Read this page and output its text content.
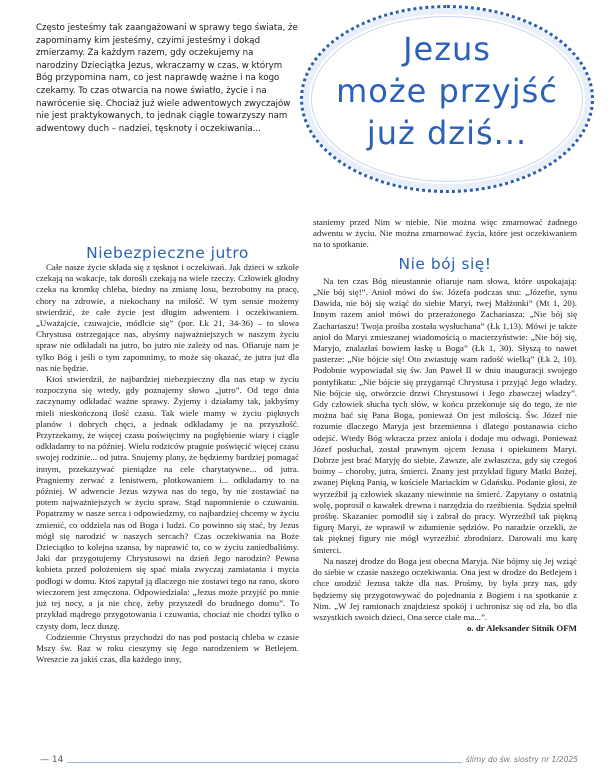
Często jesteśmy tak zaangażowani w sprawy tego świata, że zapominamy kim jesteśmy, czyimi jesteśmy i dokąd zmierzamy. Za każdym razem, gdy oczekujemy na narodziny Dzieciątka Jezus, wkraczamy w czas, w którym Bóg przypomina nam, co jest naprawdę ważne i na kogo czekamy. To czas otwarcia na nowe światło, życie i na nawrócenie się. Chociaż już wiele adwentowych zwyczajów nie jest praktykowanych, to jednak ciągle towarzyszy nam adwentowy duch – nadziei, tęsknoty i oczekiwania...

Jezus
może przyjść
już dziś...
Niebezpieczne jutro

Całe nasze życie składa się z tęsknot i oczekiwań. Jak dzieci w szkole czekają na wakacje, tak dorośli czekają na wiele rzeczy. Człowiek głodny czeka na kromkę chleba, biedny na zmianę losu, bezrobotny na pracę, chory na zdrowie, a niekochany na miłość. W tym sensie możemy stwierdzić, że całe życie jest długim adwentem i oczekiwaniem. „Uważajcie, czuwajcie, módlcie się” (por. Łk 21, 34-36) – to słowa Chrystusa ostrzegające nas, abyśmy najważniejszych w naszym życiu spraw nie odkładali na jutro, bo jutro nie zależy od nas. Ofiaruje nam je tylko Bóg i jeśli o tym zapomnimy, to może się okazać, że jutra już dla nas nie będzie.

Ktoś stwierdził, że najbardziej niebezpieczny dla nas etap w życiu rozpoczyna się wtedy, gdy poznajemy słowo „jutro”. Od tego dnia zaczynamy odkładać ważne sprawy. Żyjemy i działamy tak, jakbyśmy mieli nieskończoną ilość czasu. Tak wiele mamy w życiu pięknych planów i dobrych chęci, a jednak odkładamy je na przyszłość. Przyrzekamy, że więcej czasu poświęcimy na pogłębienie wiary i ciągle odkładamy to na później. Wielu rodziców pragnie poświęcić więcej czasu swojej rodzinie... od jutra. Snujemy plany, że będziemy bardziej pomagać innym, przekazywać pieniądze na cele charytatywne... od jutra. Pragniemy zerwać z lenistwem, plotkowaniem i... odkładamy to na później. W adwencie Jezus wzywa nas do tego, by nie zostawiać na potem najważniejszych w życiu spraw. Stąd napomnienie o czuwaniu. Popatrzmy w nasze serca i odpowiedzmy, co najbardziej chcemy w życiu zmienić, co oddziela nas od Boga i ludzi. Co powinno się stać, by Jezus mógł się narodzić w naszych sercach? Czas oczekiwania na Boże Dzieciątko to kolejna szansa, by naprawić to, co w życiu zaniedbaliśmy. Jaki dar przygotujemy Chrystusowi na dzień Jego narodzin? Pewna kobieta przed położeniem się spać miała zwyczaj zamiatania i mycia podłogi w domu. Ktoś zapytał ją dlaczego nie zostawi tego na rano, skoro wieczorem jest zmęczona. Odpowiedziała: „Jezus może przyjść po mnie już tej nocy, a ja nie chcę, żeby przyszedł do brudnego domu”. To przykład mądrego przygotowania i czuwania, chociaż nie chodzi tylko o czysty dom, lecz duszę.

Codziennie Chrystus przychodzi do nas pod postacią chleba w czasie Mszy św. Raz w roku cieszymy się Jego narodzeniem w Betlejem. Wreszcie za jakiś czas, dla każdego inny,

staniemy przed Nim w niebie. Nie można więc zmarnować żadnego adwentu w życiu. Nie można zmarnować życia, które jest oczekiwaniem na to spotkanie.

Nie bój się!

Na ten czas Bóg nieustannie ofiaruje nam słowa, które uspokajają: „Nie bój się!”. Anioł mówi do św. Józefa podczas snu: „Józefie, synu Dawida, nie bój się wziąć do siebie Maryi, twej Małżonki” (Mt 1, 20). Innym razem anioł mówi do przerażonego Zachariasza: „Nie bój się Zachariaszu! Twoja prośba została wysłuchana” (Łk 1,13). Mówi je także anioł do Maryi zmieszanej wiadomością o macierzyństwie: „Nie bój się, Maryjo, znalazłaś bowiem łaskę u Boga” (Łk 1, 30). Słyszą to nawet pasterze: „Nie bójcie się! Oto zwiastuję wam radość wielką” (Łk 2, 10). Podobnie wypowiadał się św. Jan Paweł II w dniu inauguracji swojego pontyfikatu: „Nie bójcie się przygarnąć Chrystusa i przyjąć Jego władzy. Nie bójcie się, otwórzcie drzwi Chrystusowi i Jego zbawczej władzy”. Gdy człowiek słucha tych słów, w końcu przekonuje się do tego, że nie można bać się Pana Boga, ponieważ On jest miłością. Św. Józef nie rozumie dlaczego Maryja jest brzemienna i dlatego postanawia cicho odejść. Wtedy Bóg wkracza przez anioła i dodaje mu odwagi. Ponieważ Józef posłuchał, został prawnym ojcem Jezusa i opiekunem Maryi. Dobrze jest brać Maryję do siebie. Zawsze, ale zwłaszcza, gdy się czegoś boimy – choroby, jutra, śmierci. Znany jest przykład figury Matki Bożej, zwanej Piękną Panią, w kościele Mariackim w Gdańsku. Podanie głosi, że wyrzeźbił ją człowiek skazany niewinnie na śmierć. Zapytany o ostatnią wolę, poprosił o kawałek drewna i narzędzia do rzeźbienia. Sędzia spełnił prośbę. Skazaniec pomodlił się i zabrał do pracy. Wyrzeźbił tak piękną figurę Maryi, że wprawił w zdumienie sędziów. Po naradzie orzekli, że tak pięknej figury nie mógł wyrzeźbić zbrodniarz. Darowali mu karę śmierci.

Na naszej drodze do Boga jest obecna Maryja. Nie bójmy się Jej wziąć do siebie w czasie naszego oczekiwania. Ona jest w drodze do Betlejem i chce urodzić Jezusa także dla nas. Prośmy, by była przy nas, gdy będziemy się przygotowywać do pojednania z Bogiem i na spotkanie z Nim. „W Jej ramionach znajdziesz spokój i uchronisz się od zła, bo dla wszystkich swoich dzieci, Ona serce ciałe ma...”.

o. dr Aleksander Sitnik OFM

— 14	ślimy do św. siostry nr 1/2025
